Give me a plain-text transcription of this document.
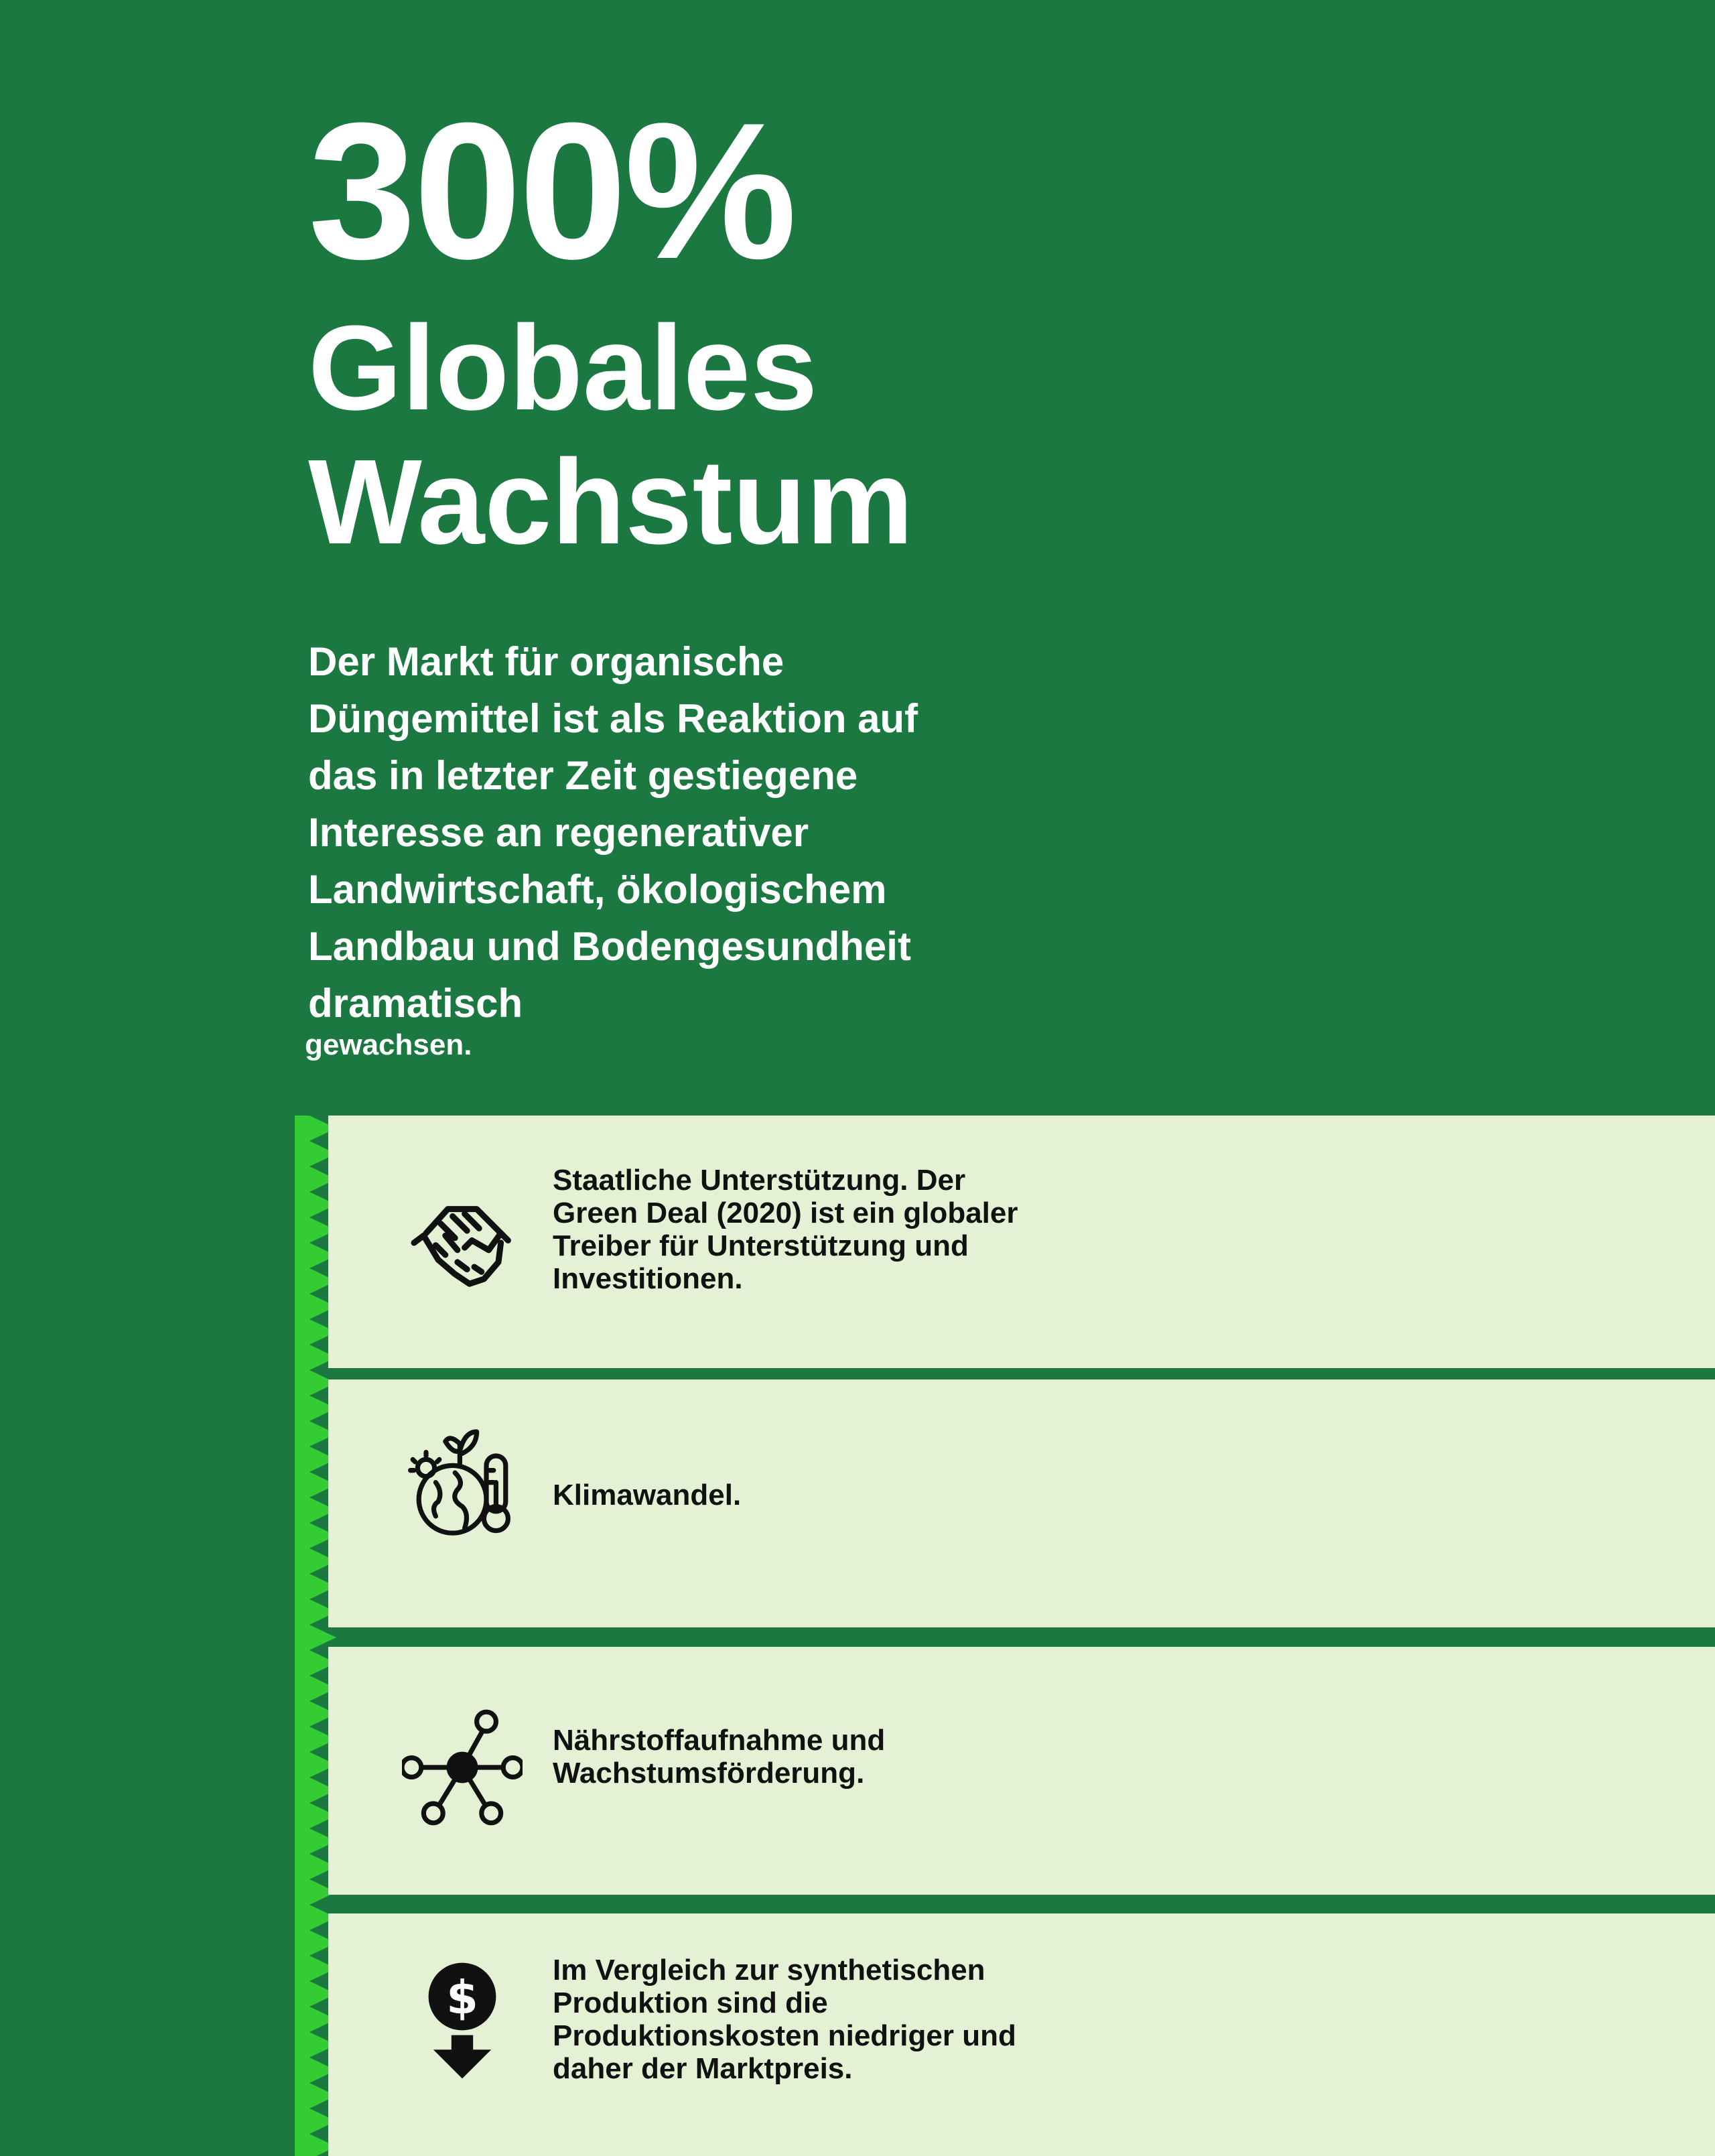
300%
Globales
Wachstum
Der Markt für organische Düngemittel ist als Reaktion auf das in letzter Zeit gestiegene Interesse an regenerativer Landwirtschaft, ökologischem Landbau und Bodengesundheit dramatisch
gewachsen.
Staatliche Unterstützung. Der Green Deal (2020) ist ein globaler Treiber für Unterstützung und Investitionen.
Klimawandel.
Nährstoffaufnahme und Wachstumsförderung.
$
Im Vergleich zur synthetischen Produktion sind die Produktionskosten niedriger und daher der Marktpreis.
